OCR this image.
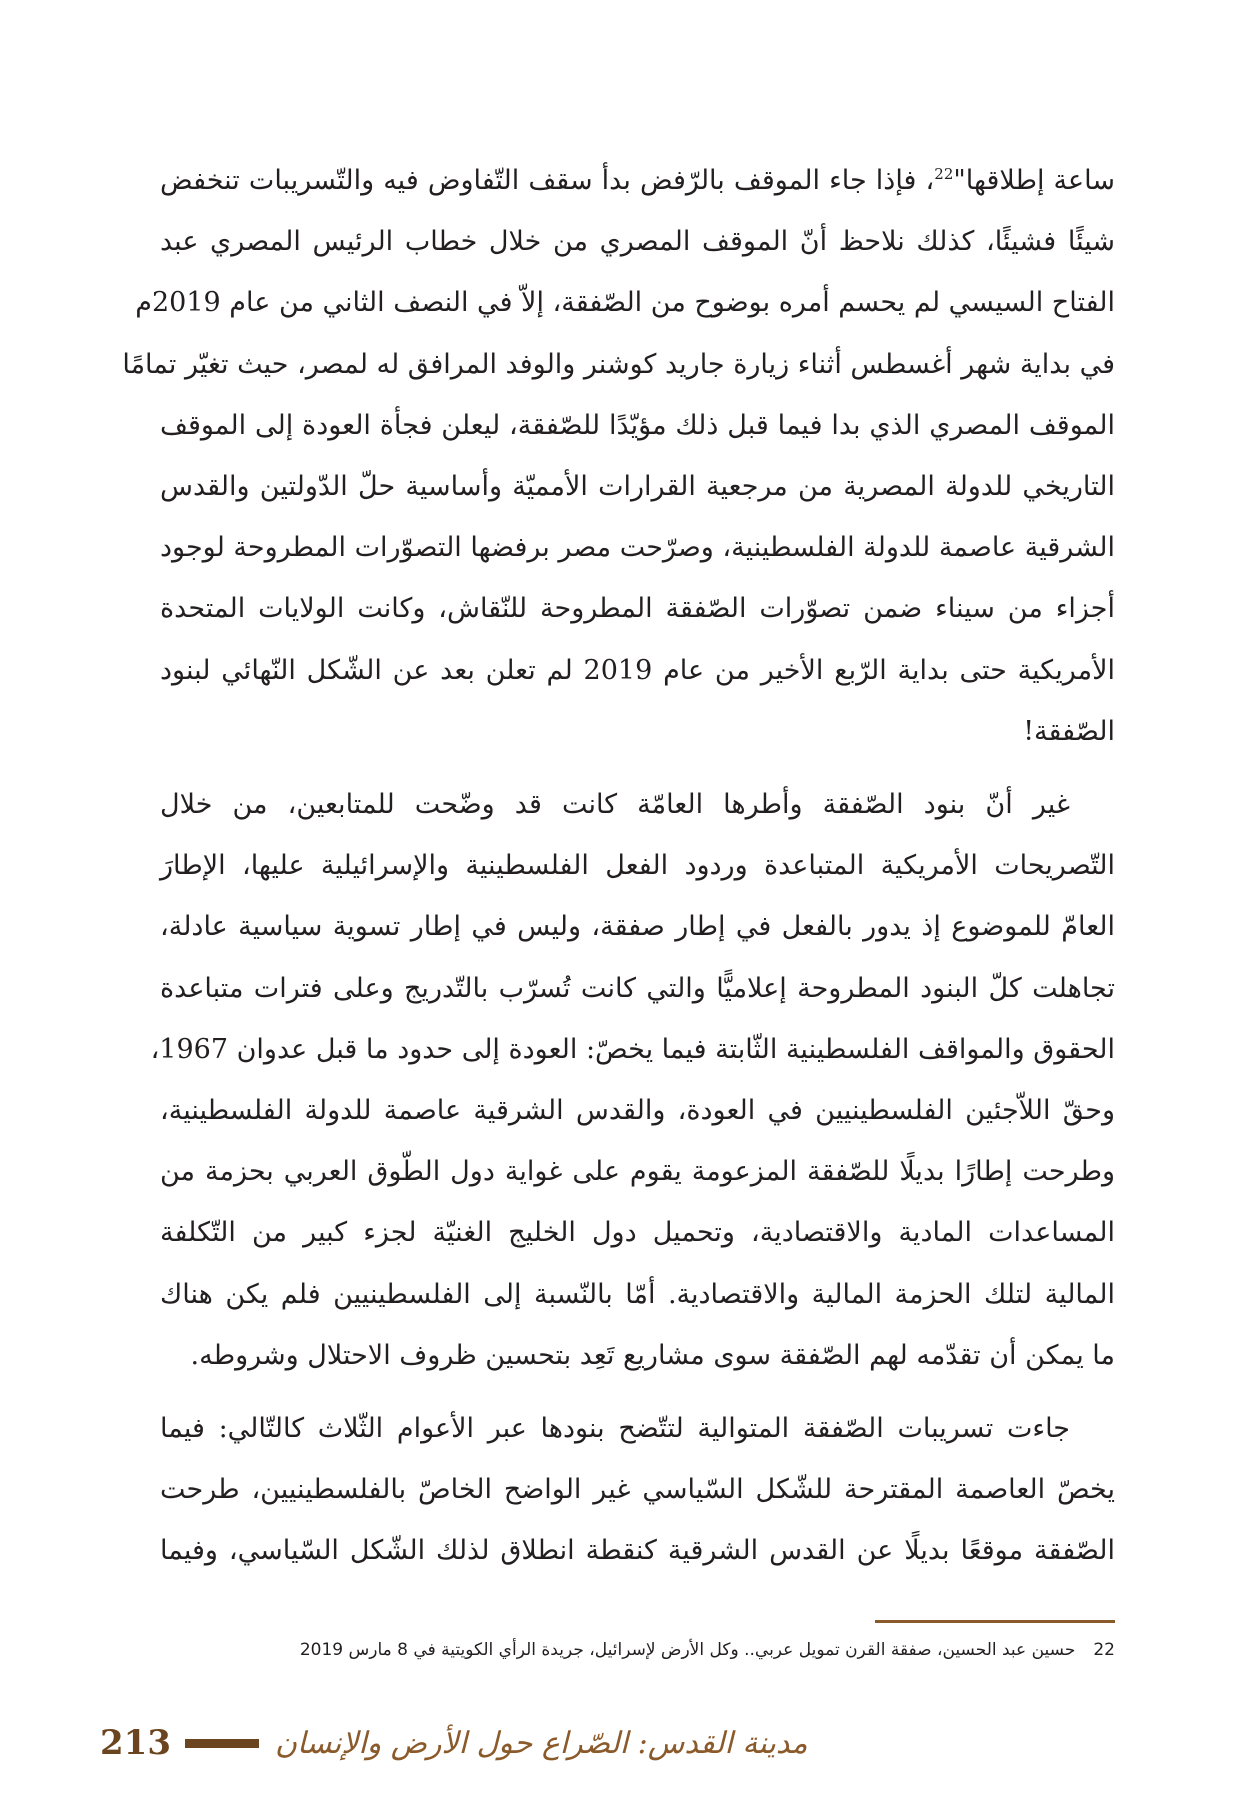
ساعة إطلاقها"$^{22}$، فإذا جاء الموقف بالرّفض بدأ سقف التّفاوض فيه والتّسريبات تنخفض
شيئًا فشيئًا، كذلك نلاحظ أنّ الموقف المصري من خلال خطاب الرئيس المصري عبد
الفتاح السيسي لم يحسم أمره بوضوح من الصّفقة، إلاّ في النصف الثاني من عام 2019م
في بداية شهر أغسطس أثناء زيارة جاريد كوشنر والوفد المرافق له لمصر، حيث تغيّر تمامًا
الموقف المصري الذي بدا فيما قبل ذلك مؤيّدًا للصّفقة، ليعلن فجأة العودة إلى الموقف
التاريخي للدولة المصرية من مرجعية القرارات الأمميّة وأساسية حلّ الدّولتين والقدس
الشرقية عاصمة للدولة الفلسطينية، وصرّحت مصر برفضها التصوّرات المطروحة لوجود
أجزاء من سيناء ضمن تصوّرات الصّفقة المطروحة للنّقاش، وكانت الولايات المتحدة
الأمريكية حتى بداية الرّبع الأخير من عام 2019 لم تعلن بعد عن الشّكل النّهائي لبنود
الصّفقة!

غير أنّ بنود الصّفقة وأطرها العامّة كانت قد وضّحت للمتابعين، من خلال
التّصريحات الأمريكية المتباعدة وردود الفعل الفلسطينية والإسرائيلية عليها، الإطارَ
العامّ للموضوع إذ يدور بالفعل في إطار صفقة، وليس في إطار تسوية سياسية عادلة،
تجاهلت كلّ البنود المطروحة إعلاميًّا والتي كانت تُسرّب بالتّدريج وعلى فترات متباعدة
الحقوق والمواقف الفلسطينية الثّابتة فيما يخصّ: العودة إلى حدود ما قبل عدوان 1967،
وحقّ اللاّجئين الفلسطينيين في العودة، والقدس الشرقية عاصمة للدولة الفلسطينية،
وطرحت إطارًا بديلًا للصّفقة المزعومة يقوم على غواية دول الطّوق العربي بحزمة من
المساعدات المادية والاقتصادية، وتحميل دول الخليج الغنيّة لجزء كبير من التّكلفة
المالية لتلك الحزمة المالية والاقتصادية. أمّا بالنّسبة إلى الفلسطينيين فلم يكن هناك
ما يمكن أن تقدّمه لهم الصّفقة سوى مشاريع تَعِد بتحسين ظروف الاحتلال وشروطه.

جاءت تسريبات الصّفقة المتوالية لتتّضح بنودها عبر الأعوام الثّلاث كالتّالي: فيما
يخصّ العاصمة المقترحة للشّكل السّياسي غير الواضح الخاصّ بالفلسطينيين، طرحت
الصّفقة موقعًا بديلًا عن القدس الشرقية كنقطة انطلاق لذلك الشّكل السّياسي، وفيما

22حسين عبد الحسين، صفقة القرن تمويل عربي.. وكل الأرض لإسرائيل، جريدة الرأي الكويتية في 8 مارس 2019
213	مدينة القدس: الصّراع حول الأرض والإنسان
